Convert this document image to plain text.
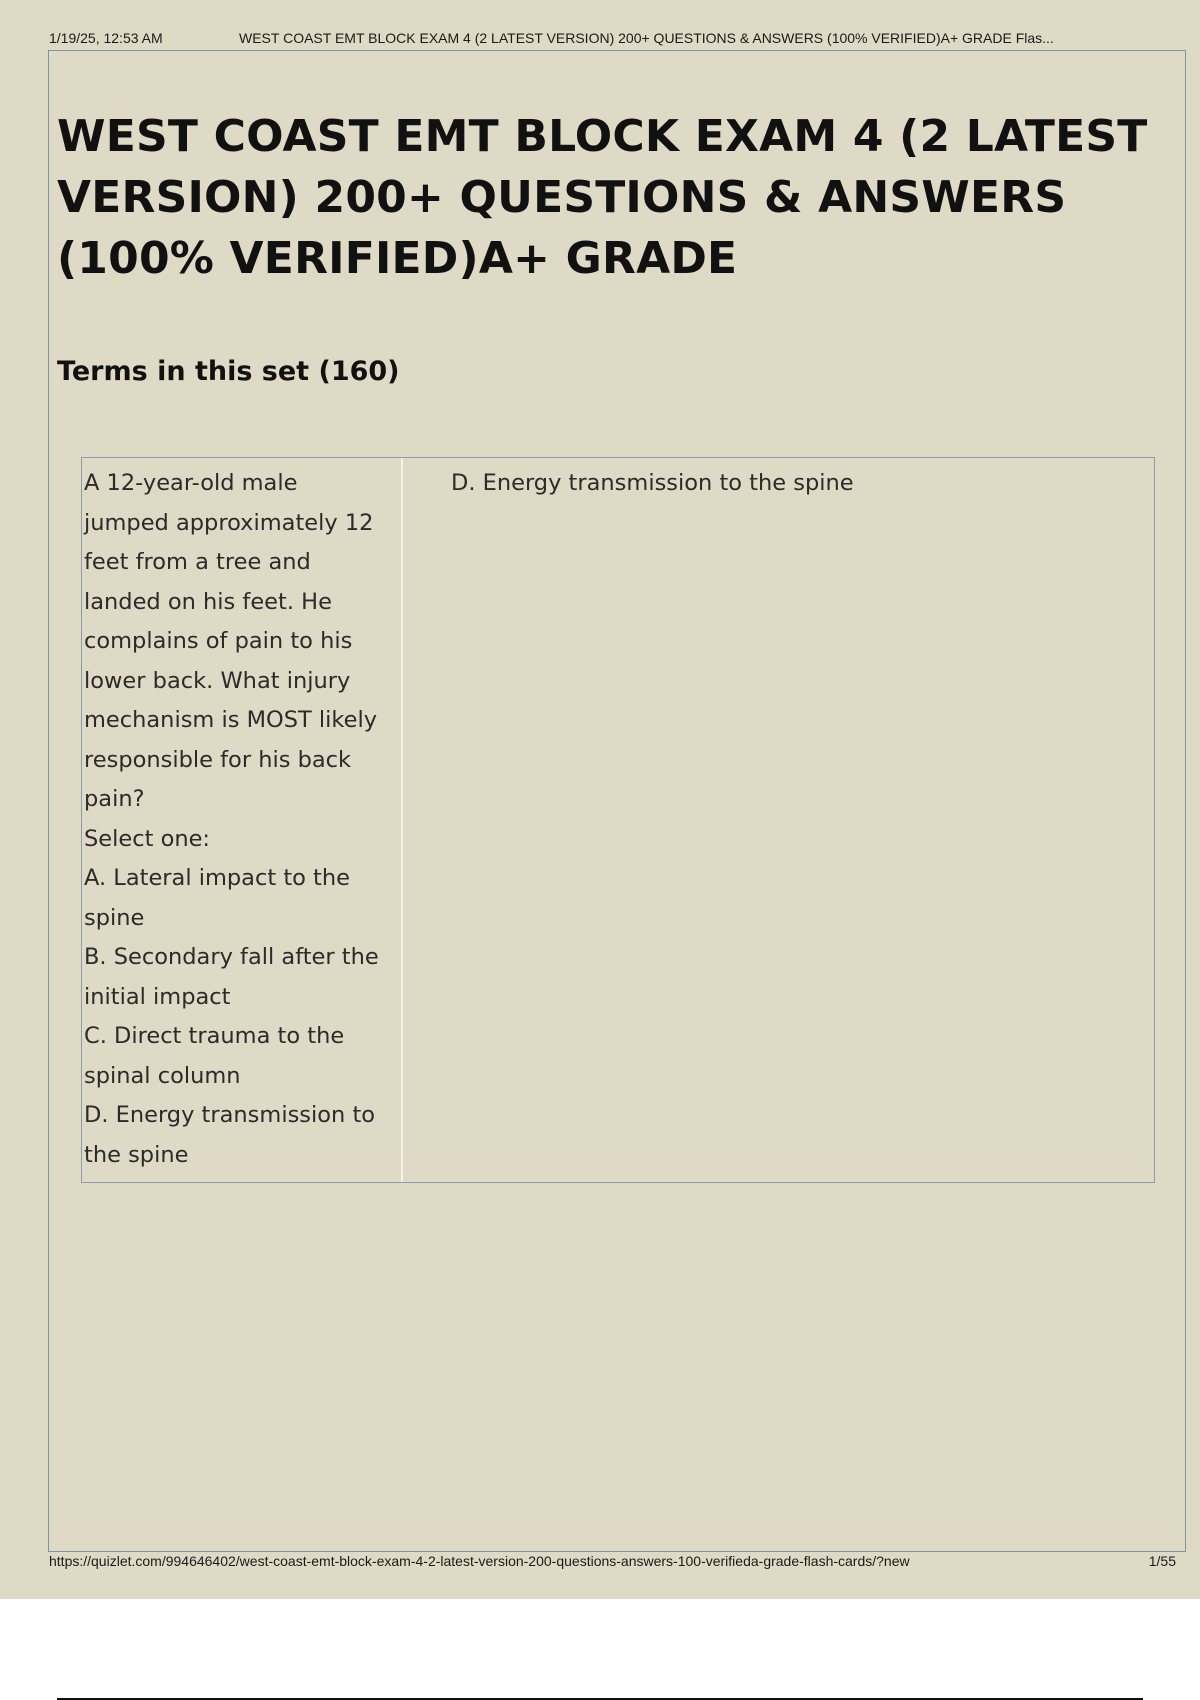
1/19/25, 12:53 AM	WEST COAST EMT BLOCK EXAM 4 (2 LATEST VERSION) 200+ QUESTIONS & ANSWERS (100% VERIFIED)A+ GRADE Flas...
WEST COAST EMT BLOCK EXAM 4 (2 LATEST VERSION) 200+ QUESTIONS & ANSWERS (100% VERIFIED)A+ GRADE
Terms in this set (160)
A 12-year-old male jumped approximately 12 feet from a tree and landed on his feet. He complains of pain to his lower back. What injury mechanism is MOST likely responsible for his back pain?
Select one:
A. Lateral impact to the spine
B. Secondary fall after the initial impact
C. Direct trauma to the spinal column
D. Energy transmission to the spine
D. Energy transmission to the spine
https://quizlet.com/994646402/west-coast-emt-block-exam-4-2-latest-version-200-questions-answers-100-verifieda-grade-flash-cards/?new	1/55
